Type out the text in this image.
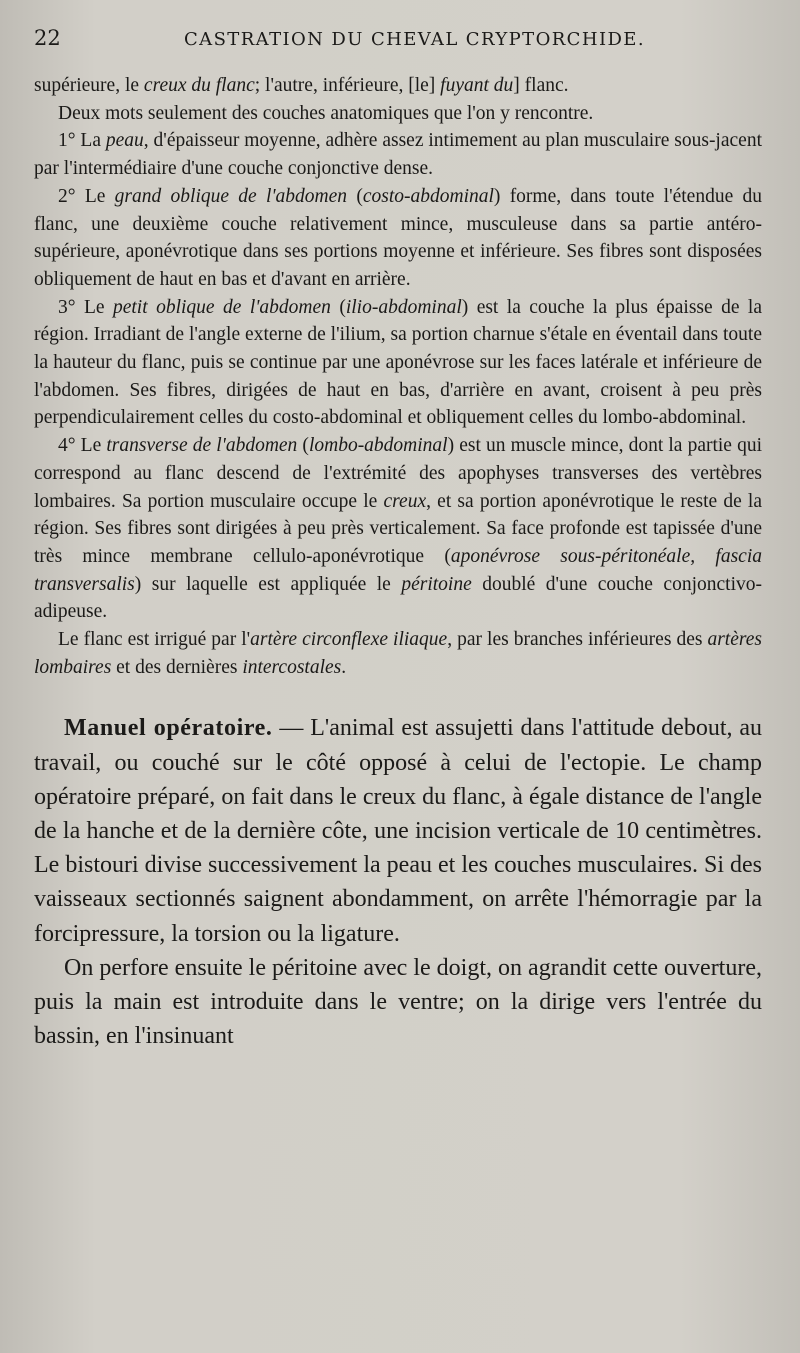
22	CASTRATION DU CHEVAL CRYPTORCHIDE.

supérieure, le creux du flanc; l'autre, inférieure, [le] fuyant du] flanc.

Deux mots seulement des couches anatomiques que l'on y rencontre.

1° La peau, d'épaisseur moyenne, adhère assez intimement au plan musculaire sous-jacent par l'intermédiaire d'une couche conjonctive dense.

2° Le grand oblique de l'abdomen (costo-abdominal) forme, dans toute l'étendue du flanc, une deuxième couche relativement mince, musculeuse dans sa partie antéro-supérieure, aponévrotique dans ses portions moyenne et inférieure. Ses fibres sont disposées obliquement de haut en bas et d'avant en arrière.

3° Le petit oblique de l'abdomen (ilio-abdominal) est la couche la plus épaisse de la région. Irradiant de l'angle externe de l'ilium, sa portion charnue s'étale en éventail dans toute la hauteur du flanc, puis se continue par une aponévrose sur les faces latérale et inférieure de l'abdomen. Ses fibres, dirigées de haut en bas, d'arrière en avant, croisent à peu près perpendiculairement celles du costo-abdominal et obliquement celles du lombo-abdominal.

4° Le transverse de l'abdomen (lombo-abdominal) est un muscle mince, dont la partie qui correspond au flanc descend de l'extrémité des apophyses transverses des vertèbres lombaires. Sa portion musculaire occupe le creux, et sa portion aponévrotique le reste de la région. Ses fibres sont dirigées à peu près verticalement. Sa face profonde est tapissée d'une très mince membrane cellulo-aponévrotique (aponévrose sous-péritonéale, fascia transversalis) sur laquelle est appliquée le péritoine doublé d'une couche conjonctivo-adipeuse.

Le flanc est irrigué par l'artère circonflexe iliaque, par les branches inférieures des artères lombaires et des dernières intercostales.

Manuel opératoire. — L'animal est assujetti dans l'attitude debout, au travail, ou couché sur le côté opposé à celui de l'ectopie. Le champ opératoire préparé, on fait dans le creux du flanc, à égale distance de l'angle de la hanche et de la dernière côte, une incision verticale de 10 centimètres. Le bistouri divise successivement la peau et les couches musculaires. Si des vaisseaux sectionnés saignent abondamment, on arrête l'hémorragie par la forcipressure, la torsion ou la ligature.

On perfore ensuite le péritoine avec le doigt, on agrandit cette ouverture, puis la main est introduite dans le ventre; on la dirige vers l'entrée du bassin, en l'insinuant
